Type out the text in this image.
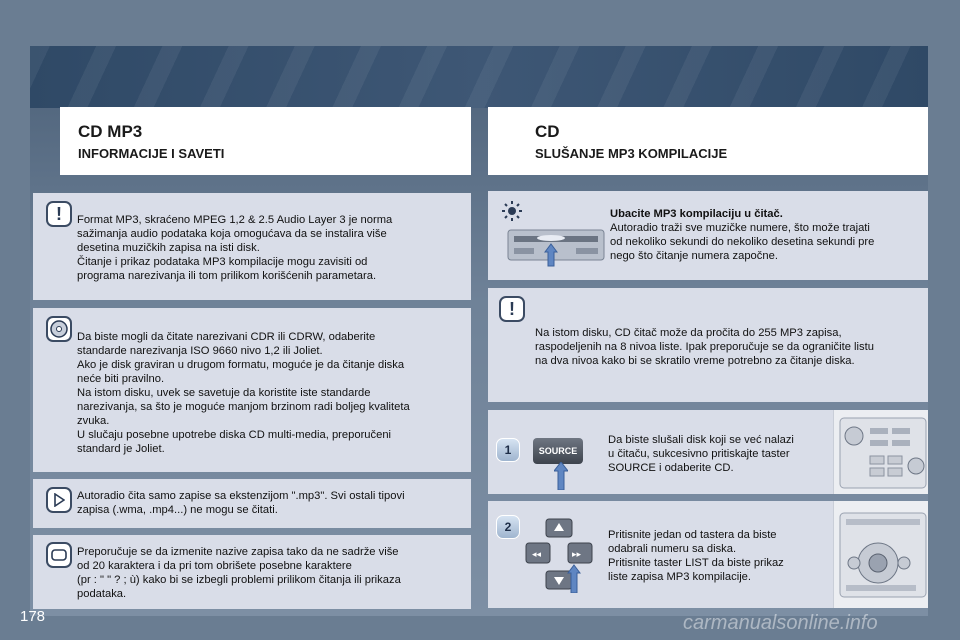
CD MP3
INFORMACIJE I SAVETI
CD
SLUŠANJE MP3 KOMPILACIJE
!	Format MP3, skraćeno MPEG 1,2 & 2.5 Audio Layer 3 je norma
sažimanja audio podataka koja omogućava da se instalira više
desetina muzičkih zapisa na isti disk.
Čitanje i prikaz podataka MP3 kompilacije mogu zavisiti od
programa narezivanja ili tom prilikom korišćenih parametara.
Da biste mogli da čitate narezivani CDR ili CDRW, odaberite
standarde narezivanja ISO 9660 nivo 1,2 ili Joliet.
Ako je disk graviran u drugom formatu, moguće je da čitanje diska
neće biti pravilno.
Na istom disku, uvek se savetuje da koristite iste standarde
narezivanja, sa što je moguće manjom brzinom radi boljeg kvaliteta
zvuka.
U slučaju posebne upotrebe diska CD multi-media, preporučeni
standard je Joliet.
Autoradio čita samo zapise sa ekstenzijom ".mp3". Svi ostali tipovi
zapisa (.wma, .mp4...) ne mogu se čitati.
Preporučuje se da izmenite nazive zapisa tako da ne sadrže više
od 20 karaktera i da pri tom obrišete posebne karaktere
(pr : " " ? ; ù) kako bi se izbegli problemi prilikom čitanja ili prikaza
podataka.
Ubacite MP3 kompilaciju u čitač.
Autoradio traži sve muzičke numere, što može trajati
od nekoliko sekundi do nekoliko desetina sekundi pre
nego što čitanje numera započne.
!
Na istom disku, CD čitač može da pročita do 255 MP3 zapisa,
raspodeljenih na 8 nivoa liste. Ipak preporučuje se da ograničite listu
na dva nivoa kako bi se skratilo vreme potrebno za čitanje diska.
1	SOURCE
Da biste slušali disk koji se već nalazi
u čitaču, sukcesivno pritiskajte taster
SOURCE i odaberite CD.
2
◂◂	▸▸
Pritisnite jedan od tastera da biste
odabrali numeru sa diska.
Pritisnite taster LIST da biste prikaz
liste zapisa MP3 kompilacije.
178	carmanualsonline.info
